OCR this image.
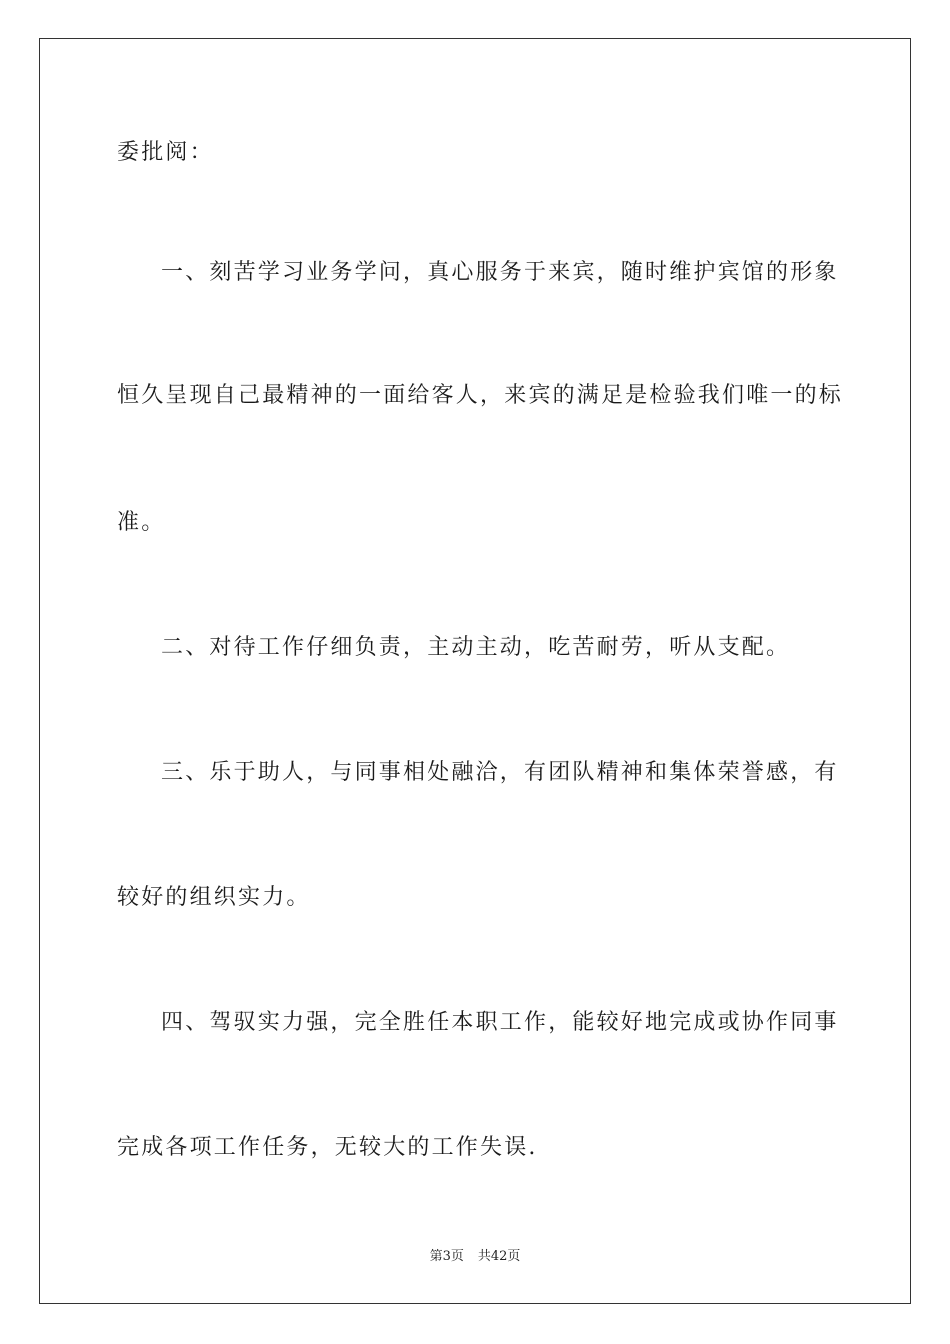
委批阅：
一、刻苦学习业务学问，真心服务于来宾，随时维护宾馆的形象
恒久呈现自己最精神的一面给客人，来宾的满足是检验我们唯一的标
准。
二、对待工作仔细负责，主动主动，吃苦耐劳，听从支配。
三、乐于助人，与同事相处融洽，有团队精神和集体荣誉感，有
较好的组织实力。
四、驾驭实力强，完全胜任本职工作，能较好地完成或协作同事
完成各项工作任务，无较大的工作失误.
第3页 共42页
